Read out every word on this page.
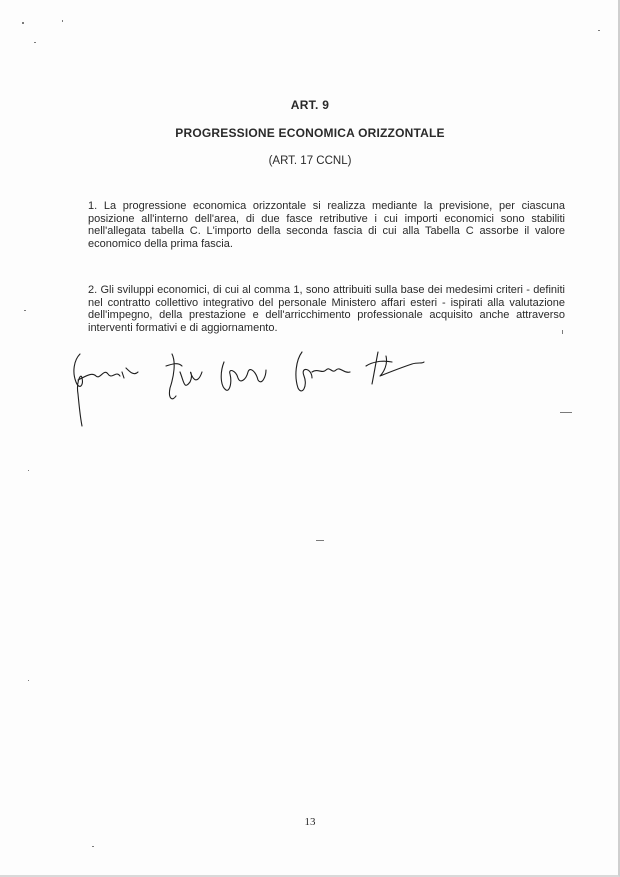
ART. 9
PROGRESSIONE ECONOMICA ORIZZONTALE
(ART. 17 CCNL)

1. La progressione economica orizzontale si realizza mediante la previsione, per ciascuna posizione all'interno dell'area, di due fasce retributive i cui importi economici sono stabiliti nell'allegata tabella C. L'importo della seconda fascia di cui alla Tabella C assorbe il valore economico della prima fascia.

2. Gli sviluppi economici, di cui al comma 1, sono attribuiti sulla base dei medesimi criteri - definiti nel contratto collettivo integrativo del personale Ministero affari esteri - ispirati alla valutazione dell'impegno, della prestazione e dell'arricchimento professionale acquisito anche attraverso interventi formativi e di aggiornamento.

13
